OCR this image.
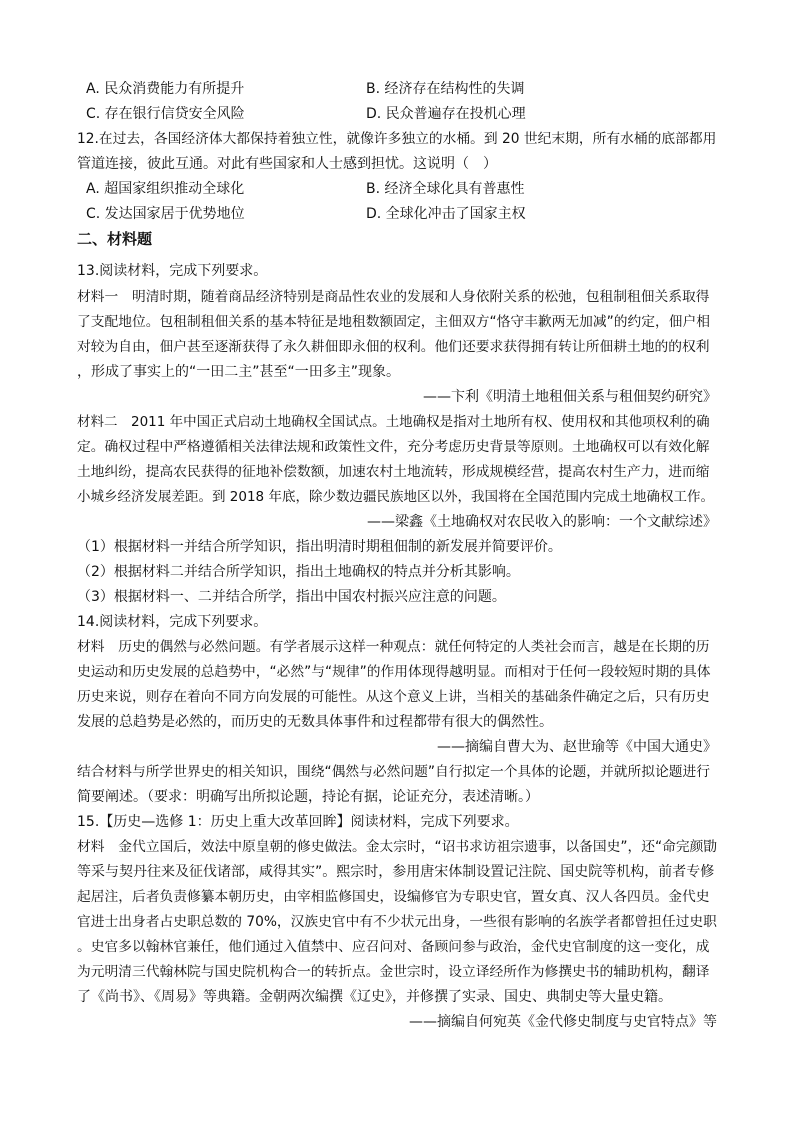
A. 民众消费能力有所提升	B. 经济存在结构性的失调
C. 存在银行信贷安全风险	D. 民众普遍存在投机心理
12.在过去，各国经济体大都保持着独立性，就像许多独立的水桶。到 20 世纪末期，所有水桶的底部都用
管道连接，彼此互通。对此有些国家和人士感到担忧。这说明（　）
A. 超国家组织推动全球化	B. 经济全球化具有普惠性
C. 发达国家居于优势地位	D. 全球化冲击了国家主权
二、材料题
13.阅读材料，完成下列要求。
材料一　明清时期，随着商品经济特别是商品性农业的发展和人身依附关系的松弛，包租制租佃关系取得
了支配地位。包租制租佃关系的基本特征是地租数额固定，主佃双方“恪守丰歉两无加减”的约定，佃户相
对较为自由，佃户甚至逐渐获得了永久耕佃即永佃的权利。他们还要求获得拥有转让所佃耕土地的的权利
，形成了事实上的“一田二主”甚至“一田多主”现象。
——卞利《明清土地租佃关系与租佃契约研究》
材料二　2011 年中国正式启动土地确权全国试点。土地确权是指对土地所有权、使用权和其他项权利的确
定。确权过程中严格遵循相关法律法规和政策性文件，充分考虑历史背景等原则。土地确权可以有效化解
土地纠纷，提高农民获得的征地补偿数额，加速农村土地流转，形成规模经营，提高农村生产力，进而缩
小城乡经济发展差距。到 2018 年底，除少数边疆民族地区以外，我国将在全国范围内完成土地确权工作。
——梁鑫《土地确权对农民收入的影响：一个文献综述》
（1）根据材料一并结合所学知识，指出明清时期租佃制的新发展并简要评价。
（2）根据材料二并结合所学知识，指出土地确权的特点并分析其影响。
（3）根据材料一、二并结合所学，指出中国农村振兴应注意的问题。
14.阅读材料，完成下列要求。
材料　历史的偶然与必然问题。有学者展示这样一种观点：就任何特定的人类社会而言，越是在长期的历
史运动和历史发展的总趋势中，“必然”与“规律”的作用体现得越明显。而相对于任何一段较短时期的具体
历史来说，则存在着向不同方向发展的可能性。从这个意义上讲，当相关的基础条件确定之后，只有历史
发展的总趋势是必然的，而历史的无数具体事件和过程都带有很大的偶然性。
——摘编自曹大为、赵世瑜等《中国大通史》
结合材料与所学世界史的相关知识，围绕“偶然与必然问题”自行拟定一个具体的论题，并就所拟论题进行
简要阐述。（要求：明确写出所拟论题，持论有据，论证充分，表述清晰。）
15.【历史—选修 1：历史上重大改革回眸】阅读材料，完成下列要求。
材料　金代立国后，效法中原皇朝的修史做法。金太宗时，“诏书求访祖宗遗事，以备国史”，还“命完颜勖
等采与契丹往来及征伐诸部，咸得其实”。熙宗时，参用唐宋体制设置记注院、国史院等机构，前者专修
起居注，后者负责修纂本朝历史，由宰相监修国史，设编修官为专职史官，置女真、汉人各四员。金代史
官进士出身者占史职总数的 70%，汉族史官中有不少状元出身，一些很有影响的名族学者都曾担任过史职
。史官多以翰林官兼任，他们通过入值禁中、应召问对、备顾问参与政治，金代史官制度的这一变化，成
为元明清三代翰林院与国史院机构合一的转折点。金世宗时，设立译经所作为修撰史书的辅助机构，翻译
了《尚书》、《周易》等典籍。金朝两次编撰《辽史》，并修撰了实录、国史、典制史等大量史籍。
——摘编自何宛英《金代修史制度与史官特点》等
